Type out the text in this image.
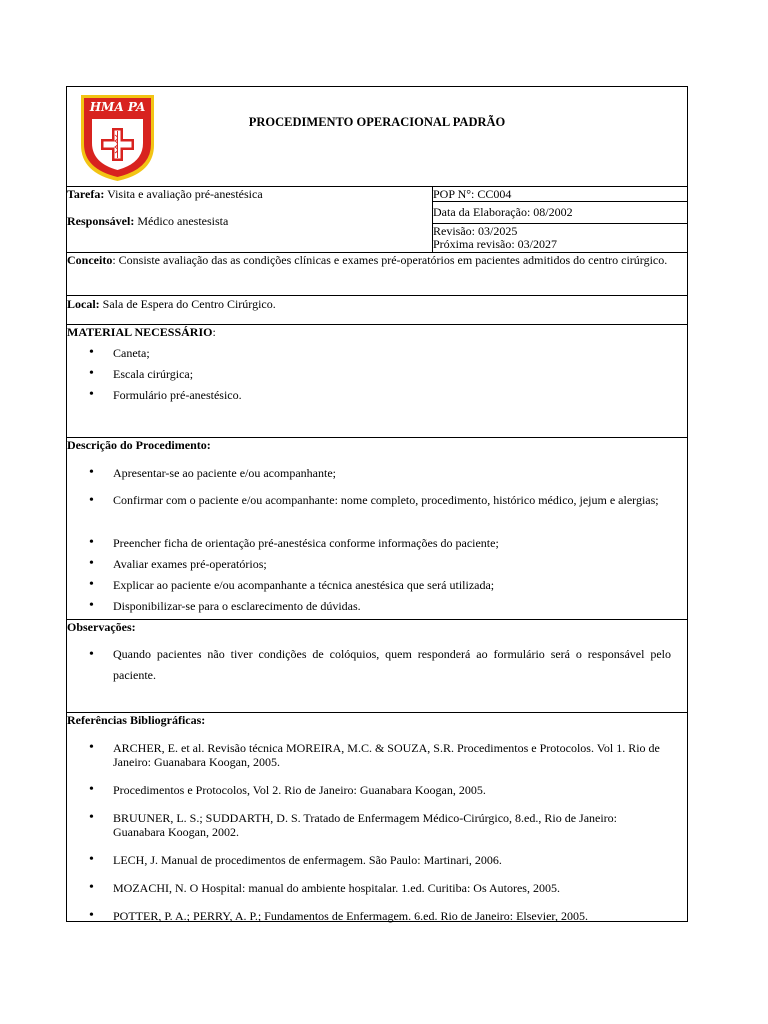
HMA PA
PROCEDIMENTO OPERACIONAL PADRÃO
Tarefa: Visita e avaliação pré-anestésica
Responsável: Médico anestesista
POP N°: CC004
Data da Elaboração: 08/2002
Revisão: 03/2025
Próxima revisão: 03/2027
Conceito: Consiste avaliação das as condições clínicas e exames pré-operatórios em pacientes admitidos do centro cirúrgico.
Local: Sala de Espera do Centro Cirúrgico.
MATERIAL NECESSÁRIO:
• Caneta;
• Escala cirúrgica;
• Formulário pré-anestésico.
Descrição do Procedimento:
• Apresentar-se ao paciente e/ou acompanhante;
• Confirmar com o paciente e/ou acompanhante: nome completo, procedimento, histórico médico, jejum e alergias;
• Preencher ficha de orientação pré-anestésica conforme informações do paciente;
• Avaliar exames pré-operatórios;
• Explicar ao paciente e/ou acompanhante a técnica anestésica que será utilizada;
• Disponibilizar-se para o esclarecimento de dúvidas.
Observações:
• Quando pacientes não tiver condições de colóquios, quem responderá ao formulário será o responsável pelo paciente.
Referências Bibliográficas:
• ARCHER, E. et al. Revisão técnica MOREIRA, M.C. & SOUZA, S.R. Procedimentos e Protocolos. Vol 1. Rio de Janeiro: Guanabara Koogan, 2005.
• Procedimentos e Protocolos, Vol 2. Rio de Janeiro: Guanabara Koogan, 2005.
• BRUUNER, L. S.; SUDDARTH, D. S. Tratado de Enfermagem Médico-Cirúrgico, 8.ed., Rio de Janeiro: Guanabara Koogan, 2002.
• LECH, J. Manual de procedimentos de enfermagem. São Paulo: Martinari, 2006.
• MOZACHI, N. O Hospital: manual do ambiente hospitalar. 1.ed. Curitiba: Os Autores, 2005.
• POTTER, P. A.; PERRY, A. P.; Fundamentos de Enfermagem. 6.ed. Rio de Janeiro: Elsevier, 2005.
